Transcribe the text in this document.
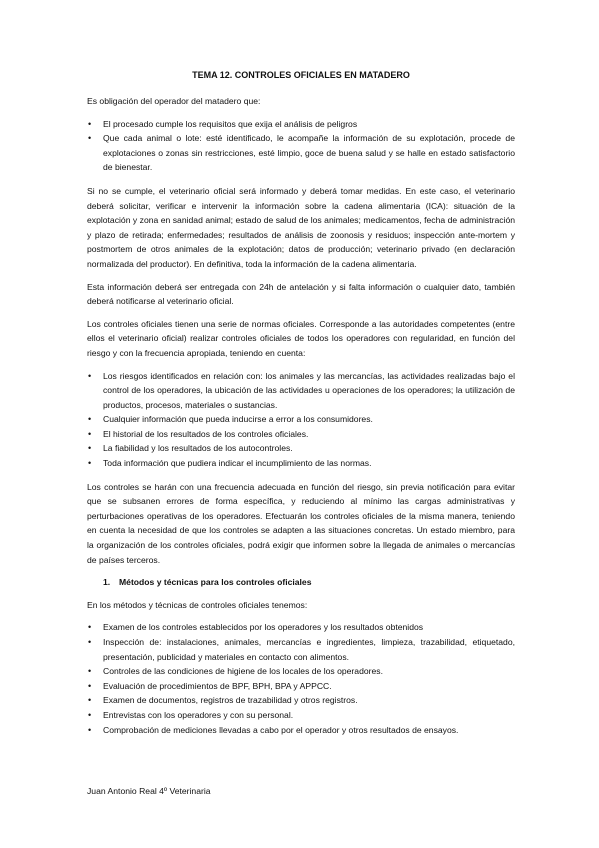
TEMA 12. CONTROLES OFICIALES EN MATADERO

Es obligación del operador del matadero que:

• El procesado cumple los requisitos que exija el análisis de peligros
• Que cada animal o lote: esté identificado, le acompañe la información de su explotación, procede de explotaciones o zonas sin restricciones, esté limpio, goce de buena salud y se halle en estado satisfactorio de bienestar.

Si no se cumple, el veterinario oficial será informado y deberá tomar medidas. En este caso, el veterinario deberá solicitar, verificar e intervenir la información sobre la cadena alimentaria (ICA): situación de la explotación y zona en sanidad animal; estado de salud de los animales; medicamentos, fecha de administración y plazo de retirada; enfermedades; resultados de análisis de zoonosis y residuos; inspección ante-mortem y postmortem de otros animales de la explotación; datos de producción; veterinario privado (en declaración normalizada del productor). En definitiva, toda la información de la cadena alimentaria.

Esta información deberá ser entregada con 24h de antelación y si falta información o cualquier dato, también deberá notificarse al veterinario oficial.

Los controles oficiales tienen una serie de normas oficiales. Corresponde a las autoridades competentes (entre ellos el veterinario oficial) realizar controles oficiales de todos los operadores con regularidad, en función del riesgo y con la frecuencia apropiada, teniendo en cuenta:

• Los riesgos identificados en relación con: los animales y las mercancías, las actividades realizadas bajo el control de los operadores, la ubicación de las actividades u operaciones de los operadores; la utilización de productos, procesos, materiales o sustancias.
• Cualquier información que pueda inducirse a error a los consumidores.
• El historial de los resultados de los controles oficiales.
• La fiabilidad y los resultados de los autocontroles.
• Toda información que pudiera indicar el incumplimiento de las normas.

Los controles se harán con una frecuencia adecuada en función del riesgo, sin previa notificación para evitar que se subsanen errores de forma específica, y reduciendo al mínimo las cargas administrativas y perturbaciones operativas de los operadores. Efectuarán los controles oficiales de la misma manera, teniendo en cuenta la necesidad de que los controles se adapten a las situaciones concretas. Un estado miembro, para la organización de los controles oficiales, podrá exigir que informen sobre la llegada de animales o mercancías de países terceros.

1. Métodos y técnicas para los controles oficiales

En los métodos y técnicas de controles oficiales tenemos:

• Examen de los controles establecidos por los operadores y los resultados obtenidos
• Inspección de: instalaciones, animales, mercancías e ingredientes, limpieza, trazabilidad, etiquetado, presentación, publicidad y materiales en contacto con alimentos.
• Controles de las condiciones de higiene de los locales de los operadores.
• Evaluación de procedimientos de BPF, BPH, BPA y APPCC.
• Examen de documentos, registros de trazabilidad y otros registros.
• Entrevistas con los operadores y con su personal.
• Comprobación de mediciones llevadas a cabo por el operador y otros resultados de ensayos.
Juan Antonio Real 4º Veterinaria
